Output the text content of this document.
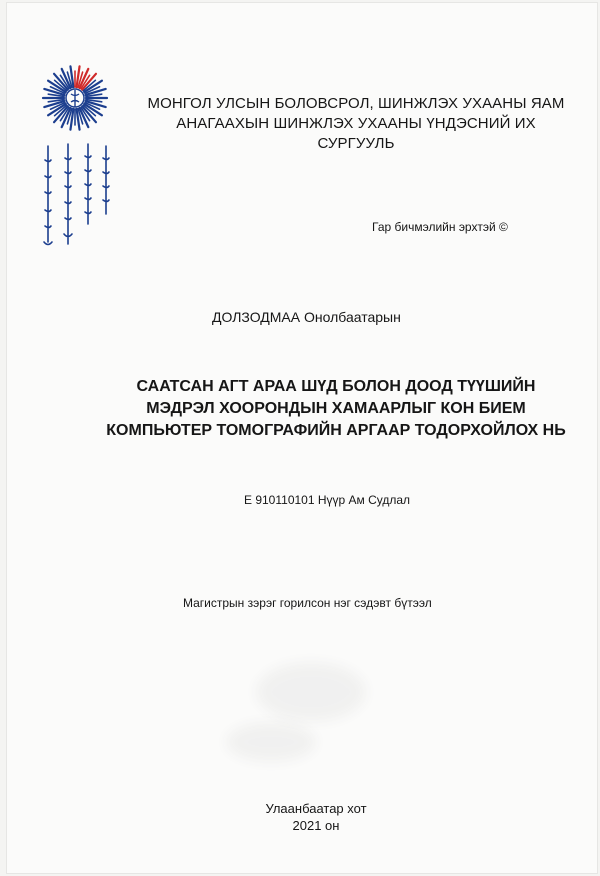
МОНГОЛ УЛСЫН БОЛОВСРОЛ, ШИНЖЛЭХ УХААНЫ ЯАМ
АНАГААХЫН ШИНЖЛЭХ УХААНЫ ҮНДЭСНИЙ ИХ СУРГУУЛЬ
Гар бичмэлийн эрхтэй ©
ДОЛЗОДМАА Онолбаатарын
САATСАН АГТ АРАА ШҮД БОЛОН ДООД ТҮҮШИЙН
МЭДРЭЛ ХООРОНДЫН ХАМААРЛЫГ КОН БИЕМ
КОМПЬЮТЕР ТОМОГРАФИЙН АРГААР ТОДОРХОЙЛОХ НЬ
E 910110101 Нүүр Ам Судлал
Магистрын зэрэг горилсон нэг сэдэвт бүтээл
Улаанбаатар хот
2021 он
